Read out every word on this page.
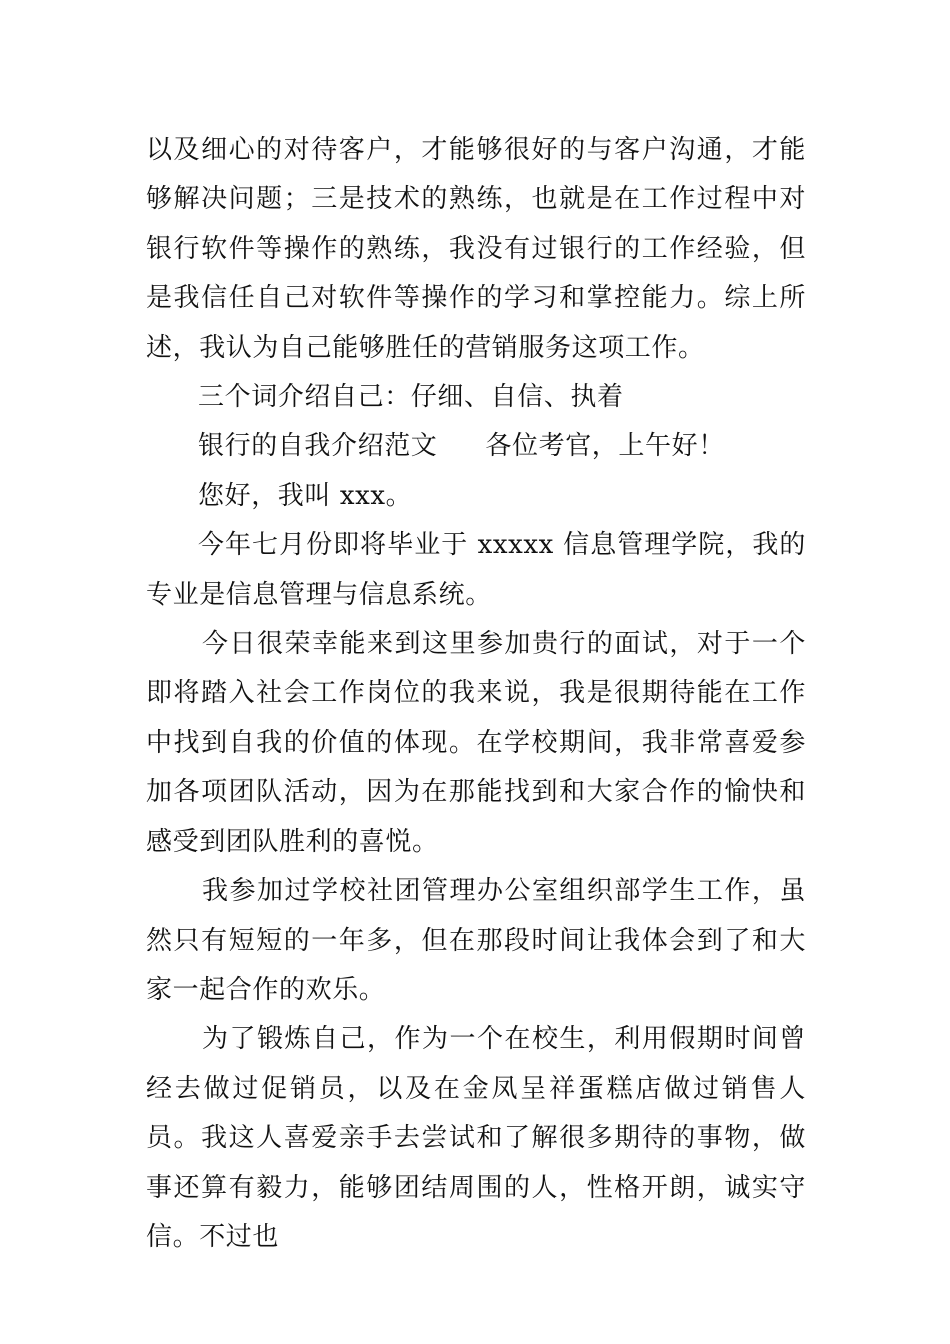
以及细心的对待客户，才能够很好的与客户沟通，才能够解决问题；三是技术的熟练，也就是在工作过程中对银行软件等操作的熟练，我没有过银行的工作经验，但是我信任自己对软件等操作的学习和掌控能力。综上所述，我认为自己能够胜任的营销服务这项工作。

三个词介绍自己：仔细、自信、执着

银行的自我介绍范文 各位考官，上午好！

您好，我叫 xxx。

今年七月份即将毕业于 xxxxx 信息管理学院，我的专业是信息管理与信息系统。

今日很荣幸能来到这里参加贵行的面试，对于一个即将踏入社会工作岗位的我来说，我是很期待能在工作中找到自我的价值的体现。在学校期间，我非常喜爱参加各项团队活动，因为在那能找到和大家合作的愉快和感受到团队胜利的喜悦。

我参加过学校社团管理办公室组织部学生工作，虽然只有短短的一年多，但在那段时间让我体会到了和大家一起合作的欢乐。

为了锻炼自己，作为一个在校生，利用假期时间曾经去做过促销员，以及在金凤呈祥蛋糕店做过销售人员。我这人喜爱亲手去尝试和了解很多期待的事物，做事还算有毅力，能够团结周围的人，性格开朗，诚实守信。不过也
